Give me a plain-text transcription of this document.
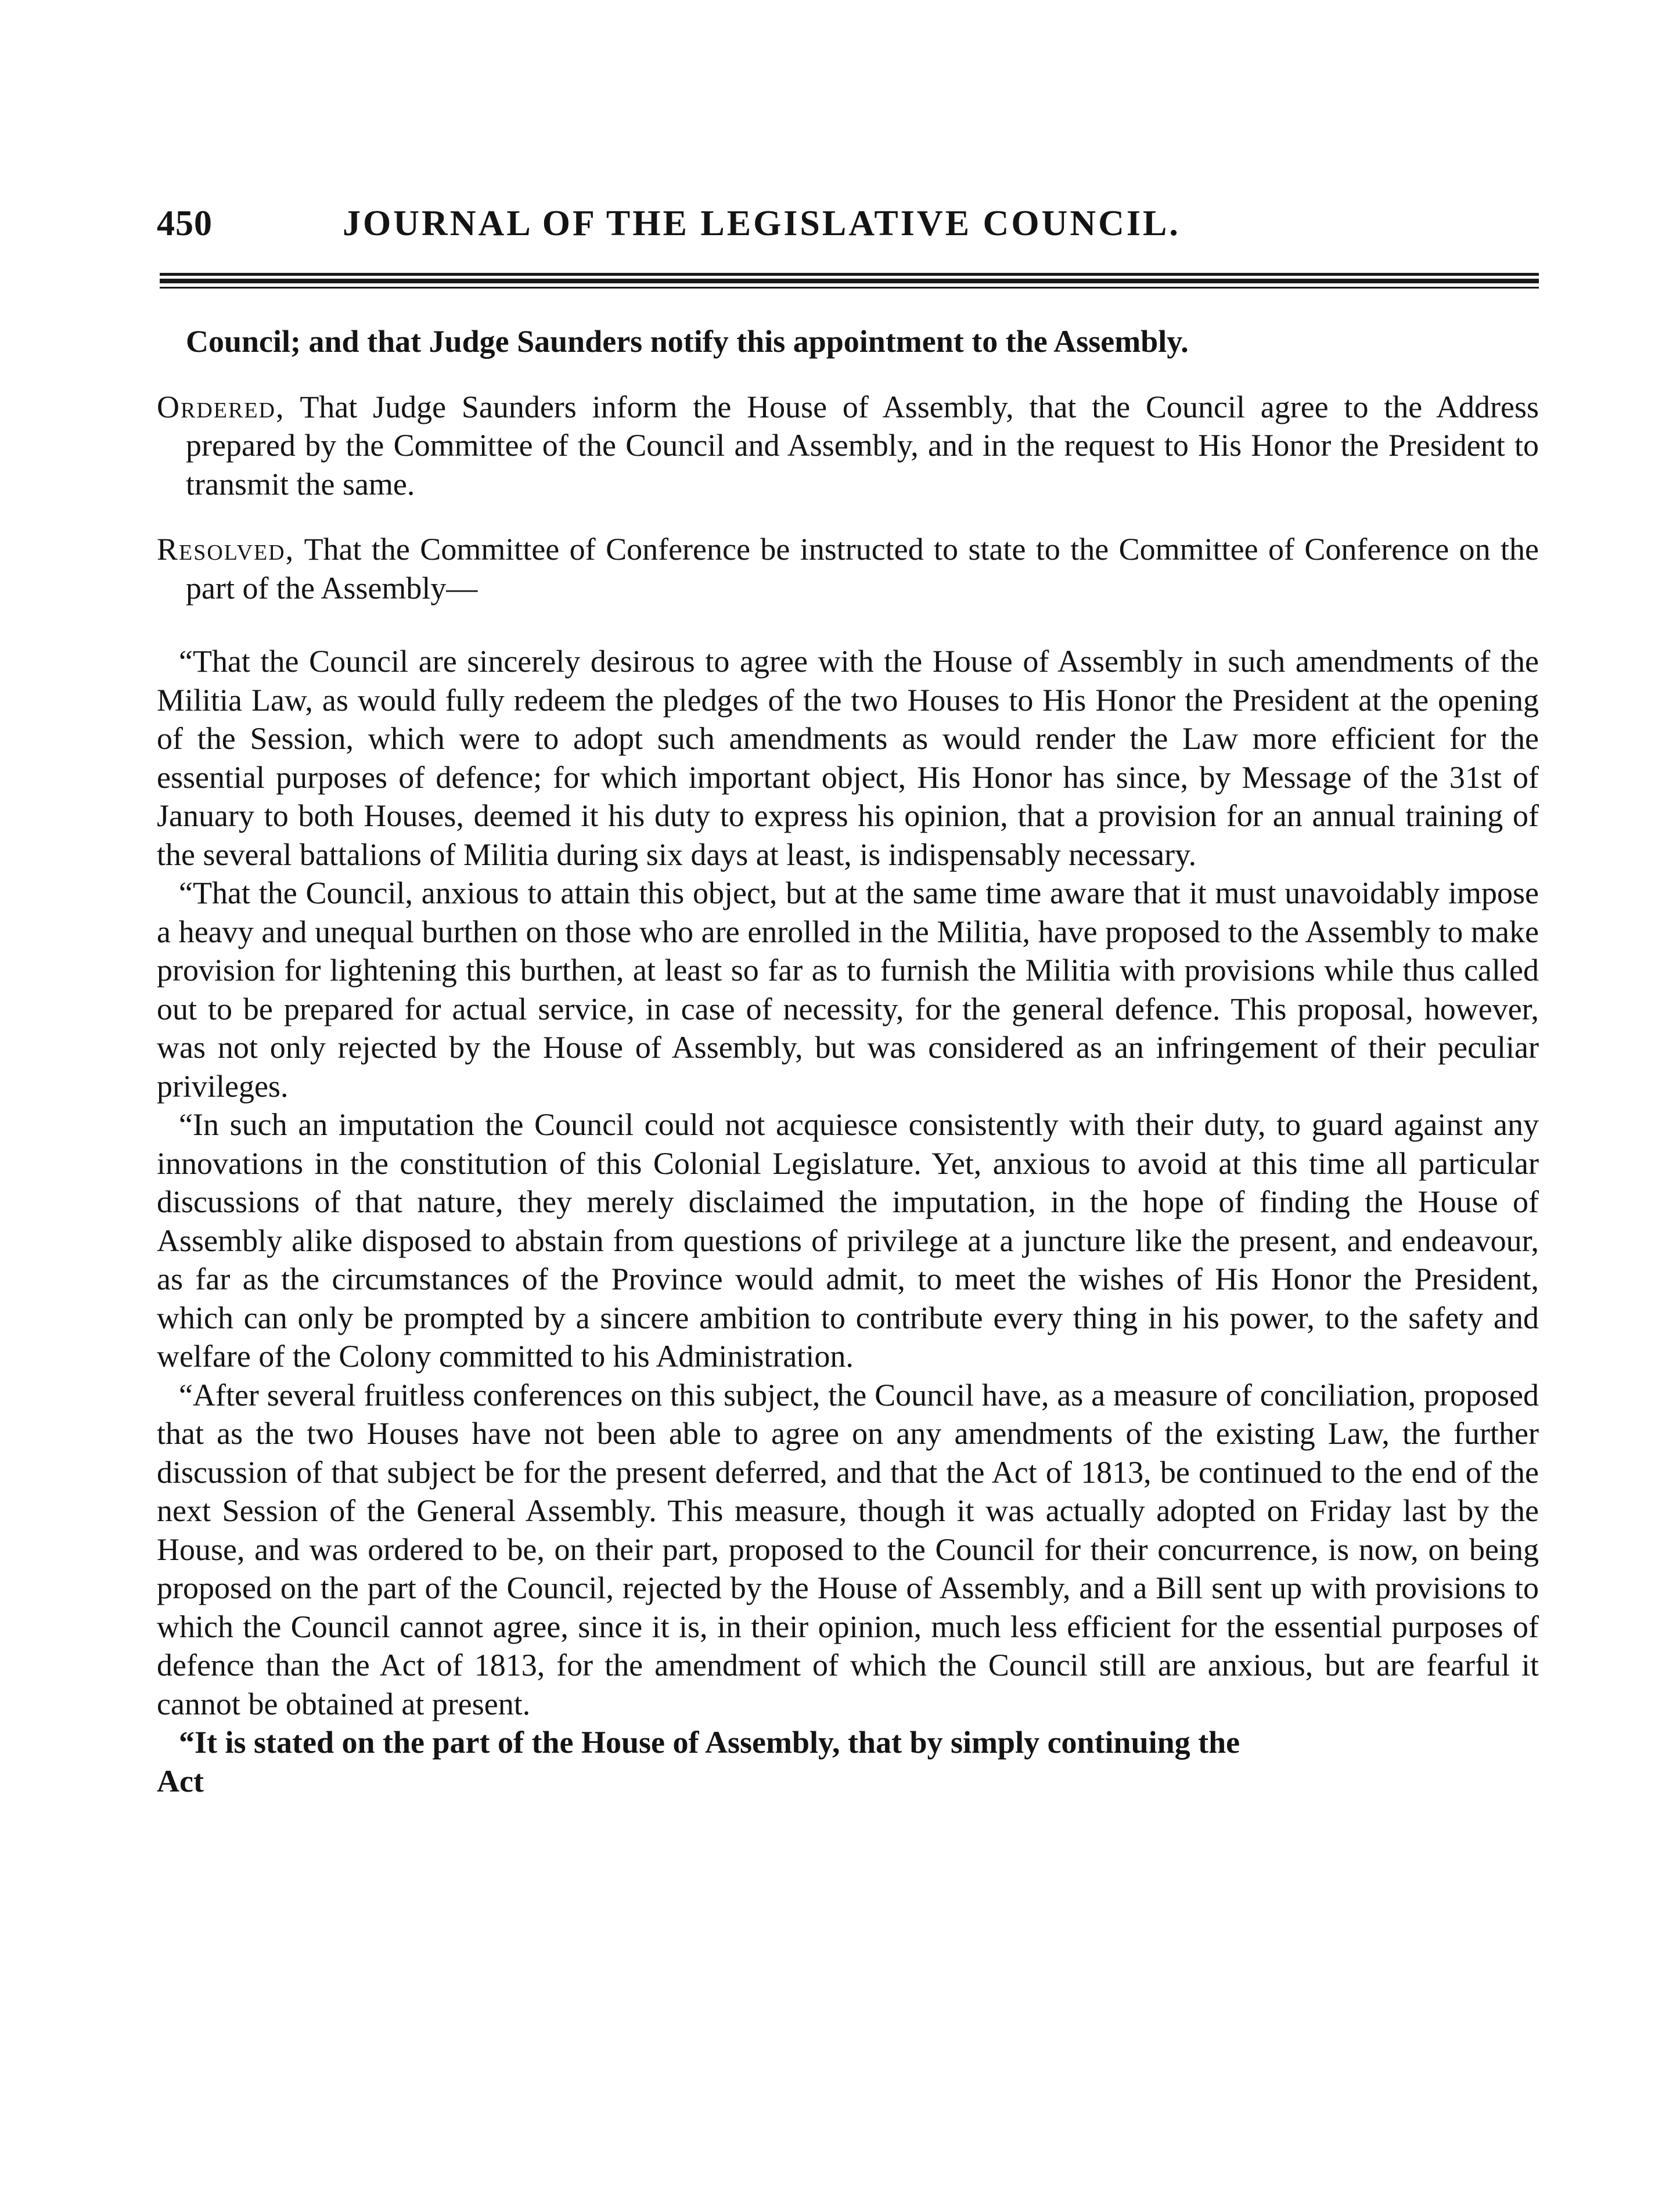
450	JOURNAL OF THE LEGISLATIVE COUNCIL.

Council; and that Judge Saunders notify this appointment to the Assembly.

Ordered, That Judge Saunders inform the House of Assembly, that the Council agree to the Address prepared by the Committee of the Council and Assembly, and in the request to His Honor the President to transmit the same.

Resolved, That the Committee of Conference be instructed to state to the Committee of Conference on the part of the Assembly—

“That the Council are sincerely desirous to agree with the House of Assembly in such amendments of the Militia Law, as would fully redeem the pledges of the two Houses to His Honor the President at the opening of the Session, which were to adopt such amendments as would render the Law more efficient for the essential purposes of defence; for which important object, His Honor has since, by Message of the 31st of January to both Houses, deemed it his duty to express his opinion, that a provision for an annual training of the several battalions of Militia during six days at least, is indispensably necessary.

“That the Council, anxious to attain this object, but at the same time aware that it must unavoidably impose a heavy and unequal burthen on those who are enrolled in the Militia, have proposed to the Assembly to make provision for lightening this burthen, at least so far as to furnish the Militia with provisions while thus called out to be prepared for actual service, in case of necessity, for the general defence. This proposal, however, was not only rejected by the House of Assembly, but was considered as an infringement of their peculiar privileges.

“In such an imputation the Council could not acquiesce consistently with their duty, to guard against any innovations in the constitution of this Colonial Legislature. Yet, anxious to avoid at this time all particular discussions of that nature, they merely disclaimed the imputation, in the hope of finding the House of Assembly alike disposed to abstain from questions of privilege at a juncture like the present, and endeavour, as far as the circumstances of the Province would admit, to meet the wishes of His Honor the President, which can only be prompted by a sincere ambition to contribute every thing in his power, to the safety and welfare of the Colony committed to his Administration.

“After several fruitless conferences on this subject, the Council have, as a measure of conciliation, proposed that as the two Houses have not been able to agree on any amendments of the existing Law, the further discussion of that subject be for the present deferred, and that the Act of 1813, be continued to the end of the next Session of the General Assembly. This measure, though it was actually adopted on Friday last by the House, and was ordered to be, on their part, proposed to the Council for their concurrence, is now, on being proposed on the part of the Council, rejected by the House of Assembly, and a Bill sent up with provisions to which the Council cannot agree, since it is, in their opinion, much less efficient for the essential purposes of defence than the Act of 1813, for the amendment of which the Council still are anxious, but are fearful it cannot be obtained at present.

“It is stated on the part of the House of Assembly, that by simply continuing the

Act
